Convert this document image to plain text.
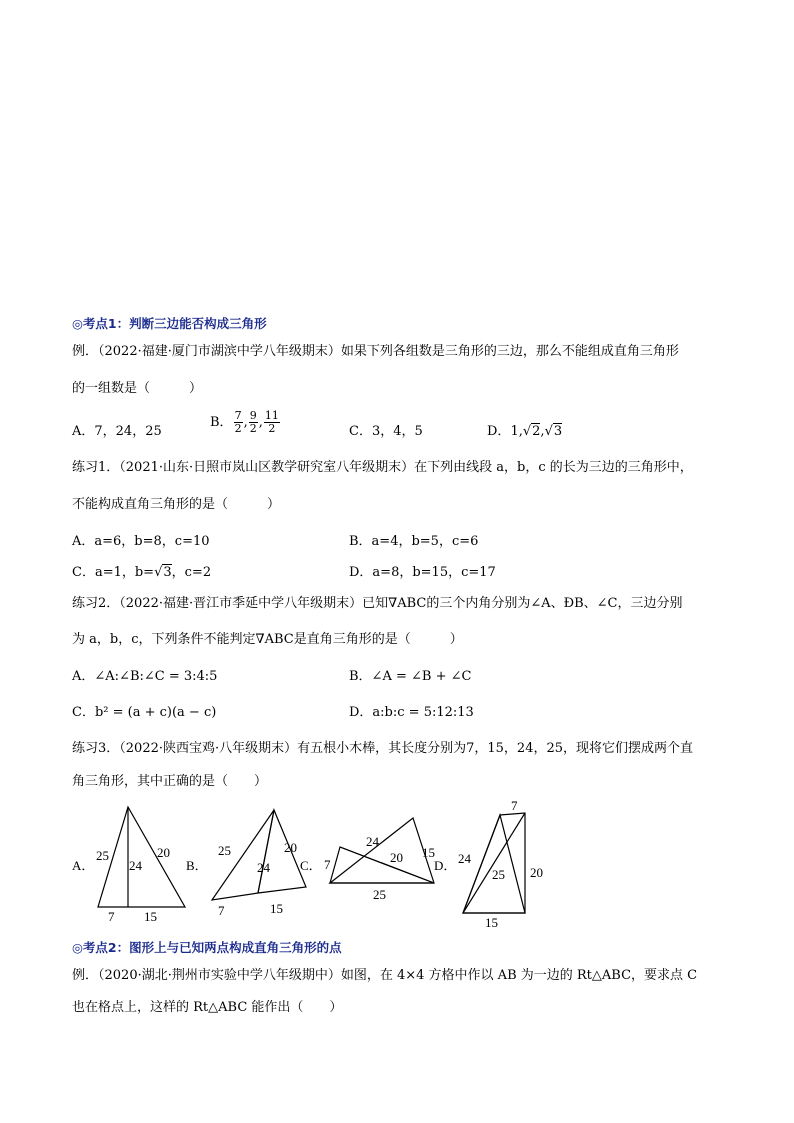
◎考点1：判断三边能否构成三角形
例．（2022·福建·厦门市湖滨中学八年级期末）如果下列各组数是三角形的三边，那么不能组成直角三角形
的一组数是（　　　）
A．7，24，25
B． $\frac{7}{2}$ , $\frac{9}{2}$ , $\frac{11}{2}$	C．3，4，5	D．1,√2,√3
练习1．（2021·山东·日照市岚山区教学研究室八年级期末）在下列由线段 a，b，c 的长为三边的三角形中，
不能构成直角三角形的是（　　　）
A．a=6，b=8，c=10	B．a=4，b=5，c=6
C．a=1，b=√3，c=2	D．a=8，b=15，c=17
练习2．（2022·福建·晋江市季延中学八年级期末）已知∇ABC的三个内角分别为∠A、ÐB、∠C，三边分别
为 a，b，c，下列条件不能判定∇ABC是直角三角形的是（　　　）
A．∠A:∠B:∠C = 3:4:5	B．∠A = ∠B + ∠C
C．b² = (a + c)(a − c)	D．a:b:c = 5:12:13
练习3．（2022·陕西宝鸡·八年级期末）有五根小木棒，其长度分别为7，15，24，25，现将它们摆成两个直
角三角形，其中正确的是（　　）
A．
25
24
20
7 15
B．
25
24
20
7	15
C． 7
24
20 15
25
D．
7
24
25 20
15
◎考点2：图形上与已知两点构成直角三角形的点
例．（2020·湖北·荆州市实验中学八年级期中）如图，在 4×4 方格中作以 AB 为一边的 Rt△ABC，要求点 C
也在格点上，这样的 Rt△ABC 能作出（　　）
